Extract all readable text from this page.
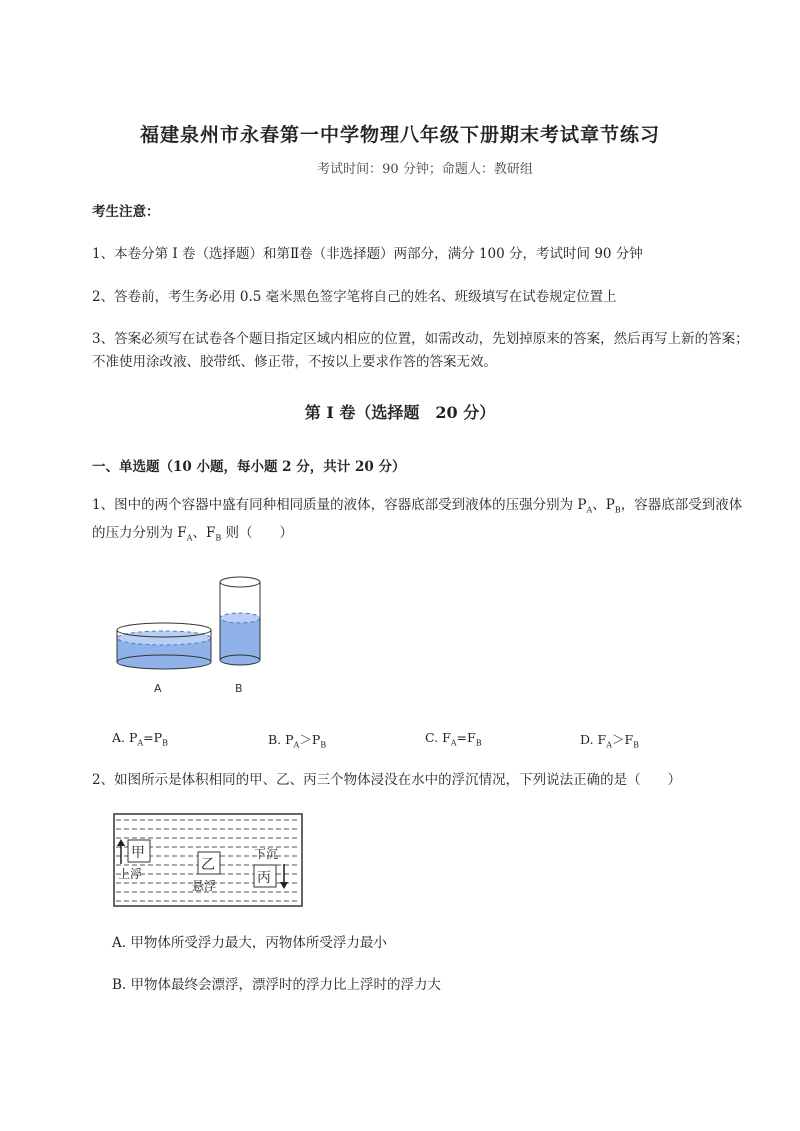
福建泉州市永春第一中学物理八年级下册期末考试章节练习
考试时间：90 分钟；命题人：教研组
考生注意：
1、本卷分第 I 卷（选择题）和第Ⅱ卷（非选择题）两部分，满分 100 分，考试时间 90 分钟
2、答卷前，考生务必用 0.5 毫米黑色签字笔将自己的姓名、班级填写在试卷规定位置上
3、答案必须写在试卷各个题目指定区域内相应的位置，如需改动，先划掉原来的答案，然后再写上新的答案；不准使用涂改液、胶带纸、修正带，不按以上要求作答的答案无效。
第 I 卷（选择题　20 分）
一、单选题（10 小题，每小题 2 分，共计 20 分）
1、图中的两个容器中盛有同种相同质量的液体，容器底部受到液体的压强分别为 $P_A$、$P_B$，容器底部受到液体的压力分别为 $F_A$、$F_B$ 则（　　）
A	B
A. $P_A=P_B$	B. $P_A>P_B$	C. $F_A=F_B$	D. $F_A>F_B$
2、如图所示是体积相同的甲、乙、丙三个物体浸没在水中的浮沉情况，下列说法正确的是（　　）
甲
上浮
乙
悬浮
下沉
丙
A. 甲物体所受浮力最大，丙物体所受浮力最小
B. 甲物体最终会漂浮，漂浮时的浮力比上浮时的浮力大
